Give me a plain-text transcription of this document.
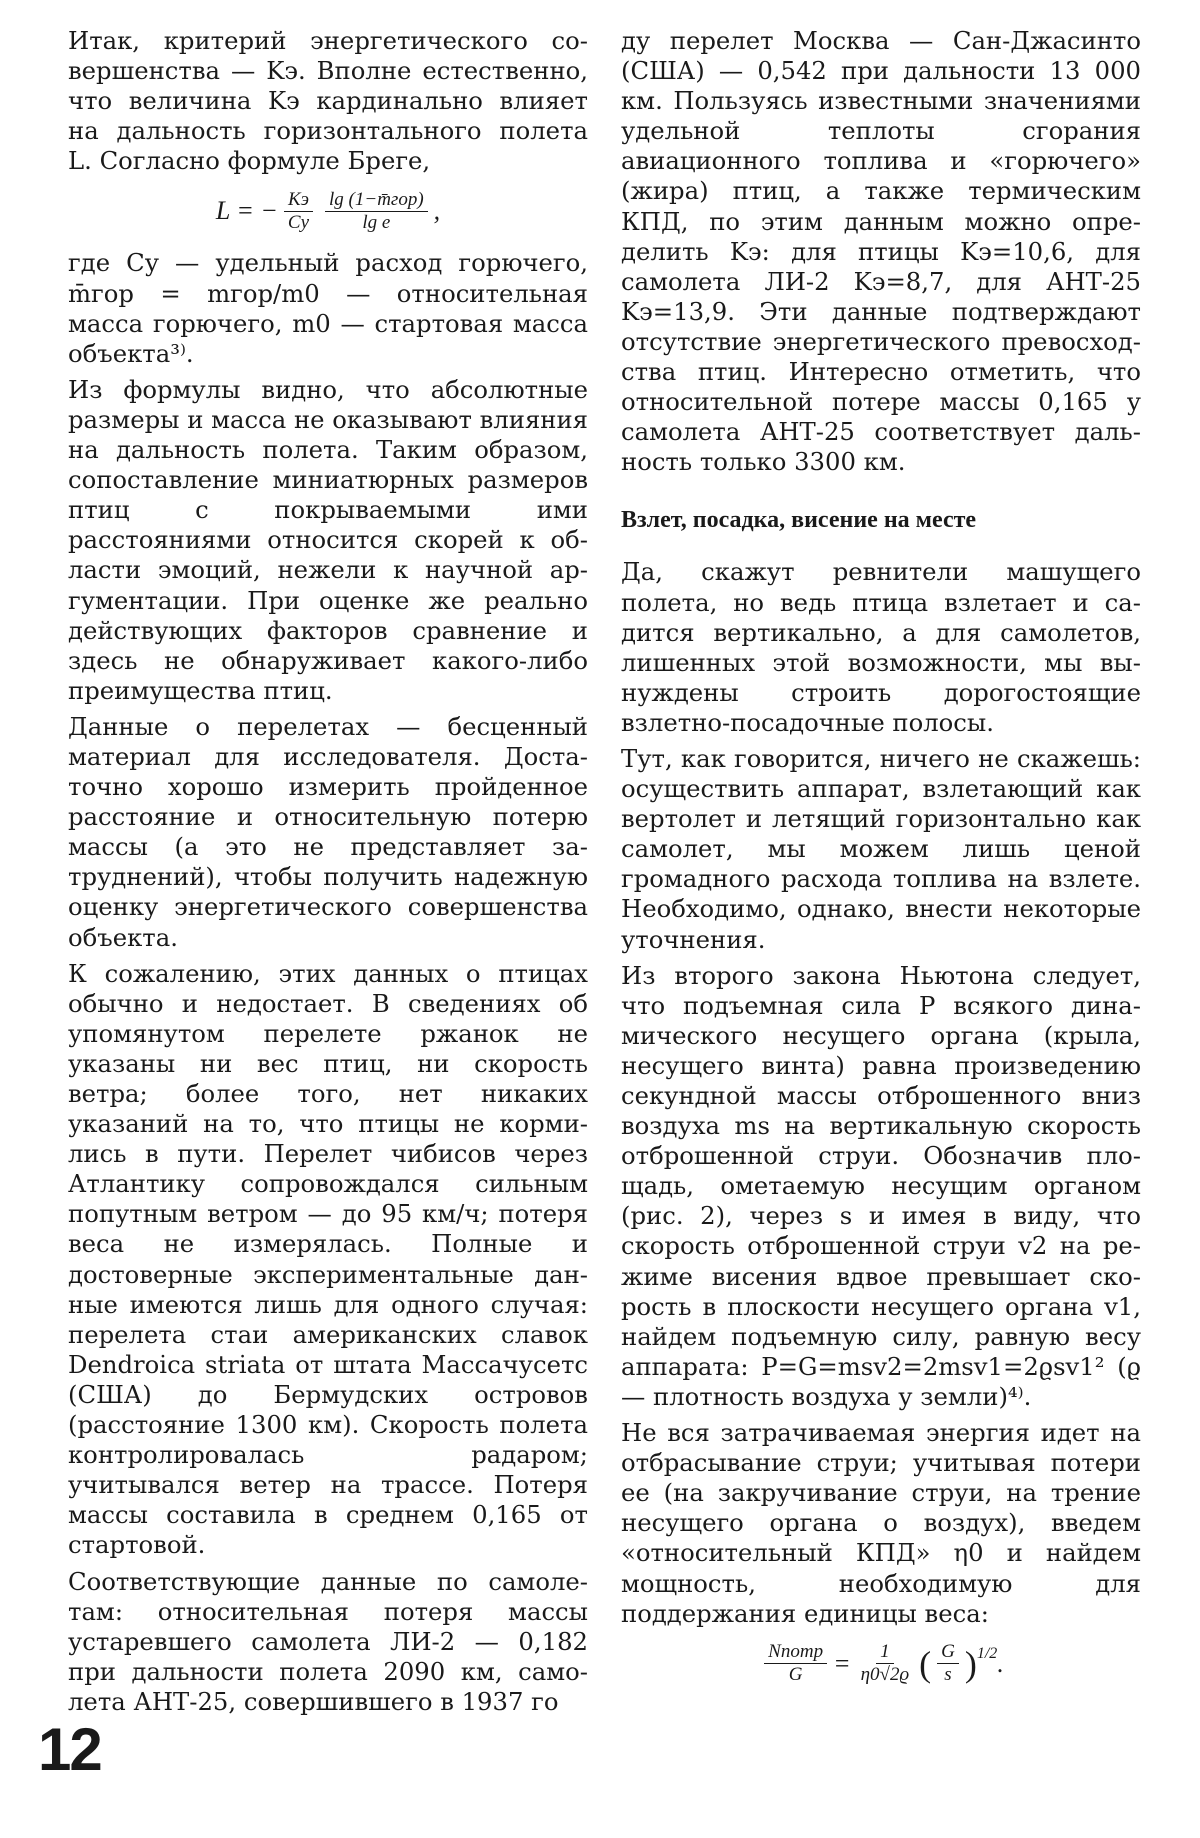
Итак, критерий энергетического совершенства — Kэ. Вполне естественно, что величина Kэ кардинально влияет на дальность горизонтального полета L. Согласно формуле Бреге,

L = − $\frac{Kэ}{Cу} \frac{\text{lg (1−m̄гор)}}{\text{lg e}}$ ,

где Cу — удельный расход горючего, m̄гор = mгор/m0 — относительная масса горючего, m0 — стартовая масса объекта³⁾.

Из формулы видно, что абсолютные размеры и масса не оказывают влияния на дальность полета. Таким образом, сопоставление миниатюрных размеров птиц с покрываемыми ими расстояниями относится скорей к области эмоций, нежели к научной аргументации. При оценке же реально действующих факторов сравнение и здесь не обнаруживает какого-либо преимущества птиц.

Данные о перелетах — бесценный материал для исследователя. Достаточно хорошо измерить пройденное расстояние и относительную потерю массы (а это не представляет затруднений), чтобы получить надежную оценку энергетического совершенства объекта.

К сожалению, этих данных о птицах обычно и недостает. В сведениях об упомянутом перелете ржанок не указаны ни вес птиц, ни скорость ветра; более того, нет никаких указаний на то, что птицы не кормились в пути. Перелет чибисов через Атлантику сопровождался сильным попутным ветром — до 95 км/ч; потеря веса не измерялась. Полные и достоверные экспериментальные данные имеются лишь для одного случая: перелета стаи американских славок Dendroica striata от штата Массачусетс (США) до Бермудских островов (расстояние 1300 км). Скорость полета контролировалась радаром; учитывался ветер на трассе. Потеря массы составила в среднем 0,165 от стартовой.

Соответствующие данные по самолетам: относительная потеря массы устаревшего самолета ЛИ-2 — 0,182 при дальности полета 2090 км, самолета АНТ-25, совершившего в 1937 го

ду перелет Москва — Сан-Джасинто (США) — 0,542 при дальности 13 000 км. Пользуясь известными значениями удельной теплоты сгорания авиационного топлива и «горючего» (жира) птиц, а также термическим КПД, по этим данным можно определить Kэ: для птицы Kэ=10,6, для самолета ЛИ-2 Kэ=8,7, для АНТ-25 Kэ=13,9. Эти данные подтверждают отсутствие энергетического превосходства птиц. Интересно отметить, что относительной потере массы 0,165 у самолета АНТ-25 соответствует дальность только 3300 км.

Взлет, посадка, висение на месте

Да, скажут ревнители машущего полета, но ведь птица взлетает и садится вертикально, а для самолетов, лишенных этой возможности, мы вынуждены строить дорогостоящие взлетно-посадочные полосы.

Тут, как говорится, ничего не скажешь: осуществить аппарат, взлетающий как вертолет и летящий горизонтально как самолет, мы можем лишь ценой громадного расхода топлива на взлете. Необходимо, однако, внести некоторые уточнения.

Из второго закона Ньютона следует, что подъемная сила P всякого динамического несущего органа (крыла, несущего винта) равна произведению секундной массы отброшенного вниз воздуха ms на вертикальную скорость отброшенной струи. Обозначив площадь, ометаемую несущим органом (рис. 2), через s и имея в виду, что скорость отброшенной струи v2 на режиме висения вдвое превышает скорость в плоскости несущего органа v1, найдем подъемную силу, равную весу аппарата: P=G=msv2=2msv1=2ϱsv1² (ϱ — плотность воздуха у земли)⁴⁾.

Не вся затрачиваемая энергия идет на отбрасывание струи; учитывая потери ее (на закручивание струи, на трение несущего органа о воздух), введем «относительный КПД» η0 и найдем мощность, необходимую для поддержания единицы веса:

$\frac{\text{Nпотр}}{G} = \frac{1}{\eta 0√2ϱ}$ ( $\frac{G}{s} )^{1/2}$ .
12
